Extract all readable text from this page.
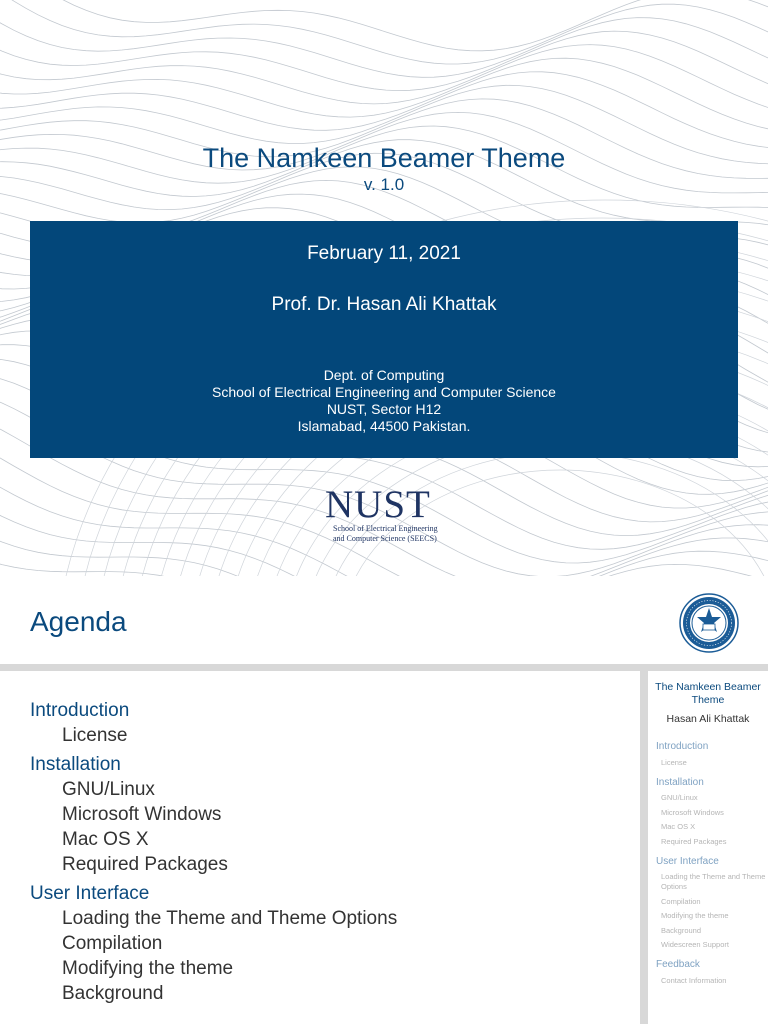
The Namkeen Beamer Theme
v. 1.0
February 11, 2021
Prof. Dr. Hasan Ali Khattak
Dept. of Computing
School of Electrical Engineering and Computer Science
NUST, Sector H12
Islamabad, 44500 Pakistan.
NUST
School of Electrical Engineering
and Computer Science (SEECS)
Agenda
Introduction
License
Installation
GNU/Linux
Microsoft Windows
Mac OS X
Required Packages
User Interface
Loading the Theme and Theme Options
Compilation
Modifying the theme
Background
The Namkeen Beamer Theme
Hasan Ali Khattak
Introduction
License
Installation
GNU/Linux
Microsoft Windows
Mac OS X
Required Packages
User Interface
Loading the Theme and Theme Options
Compilation
Modifying the theme
Background
Widescreen Support
Feedback
Contact Information
